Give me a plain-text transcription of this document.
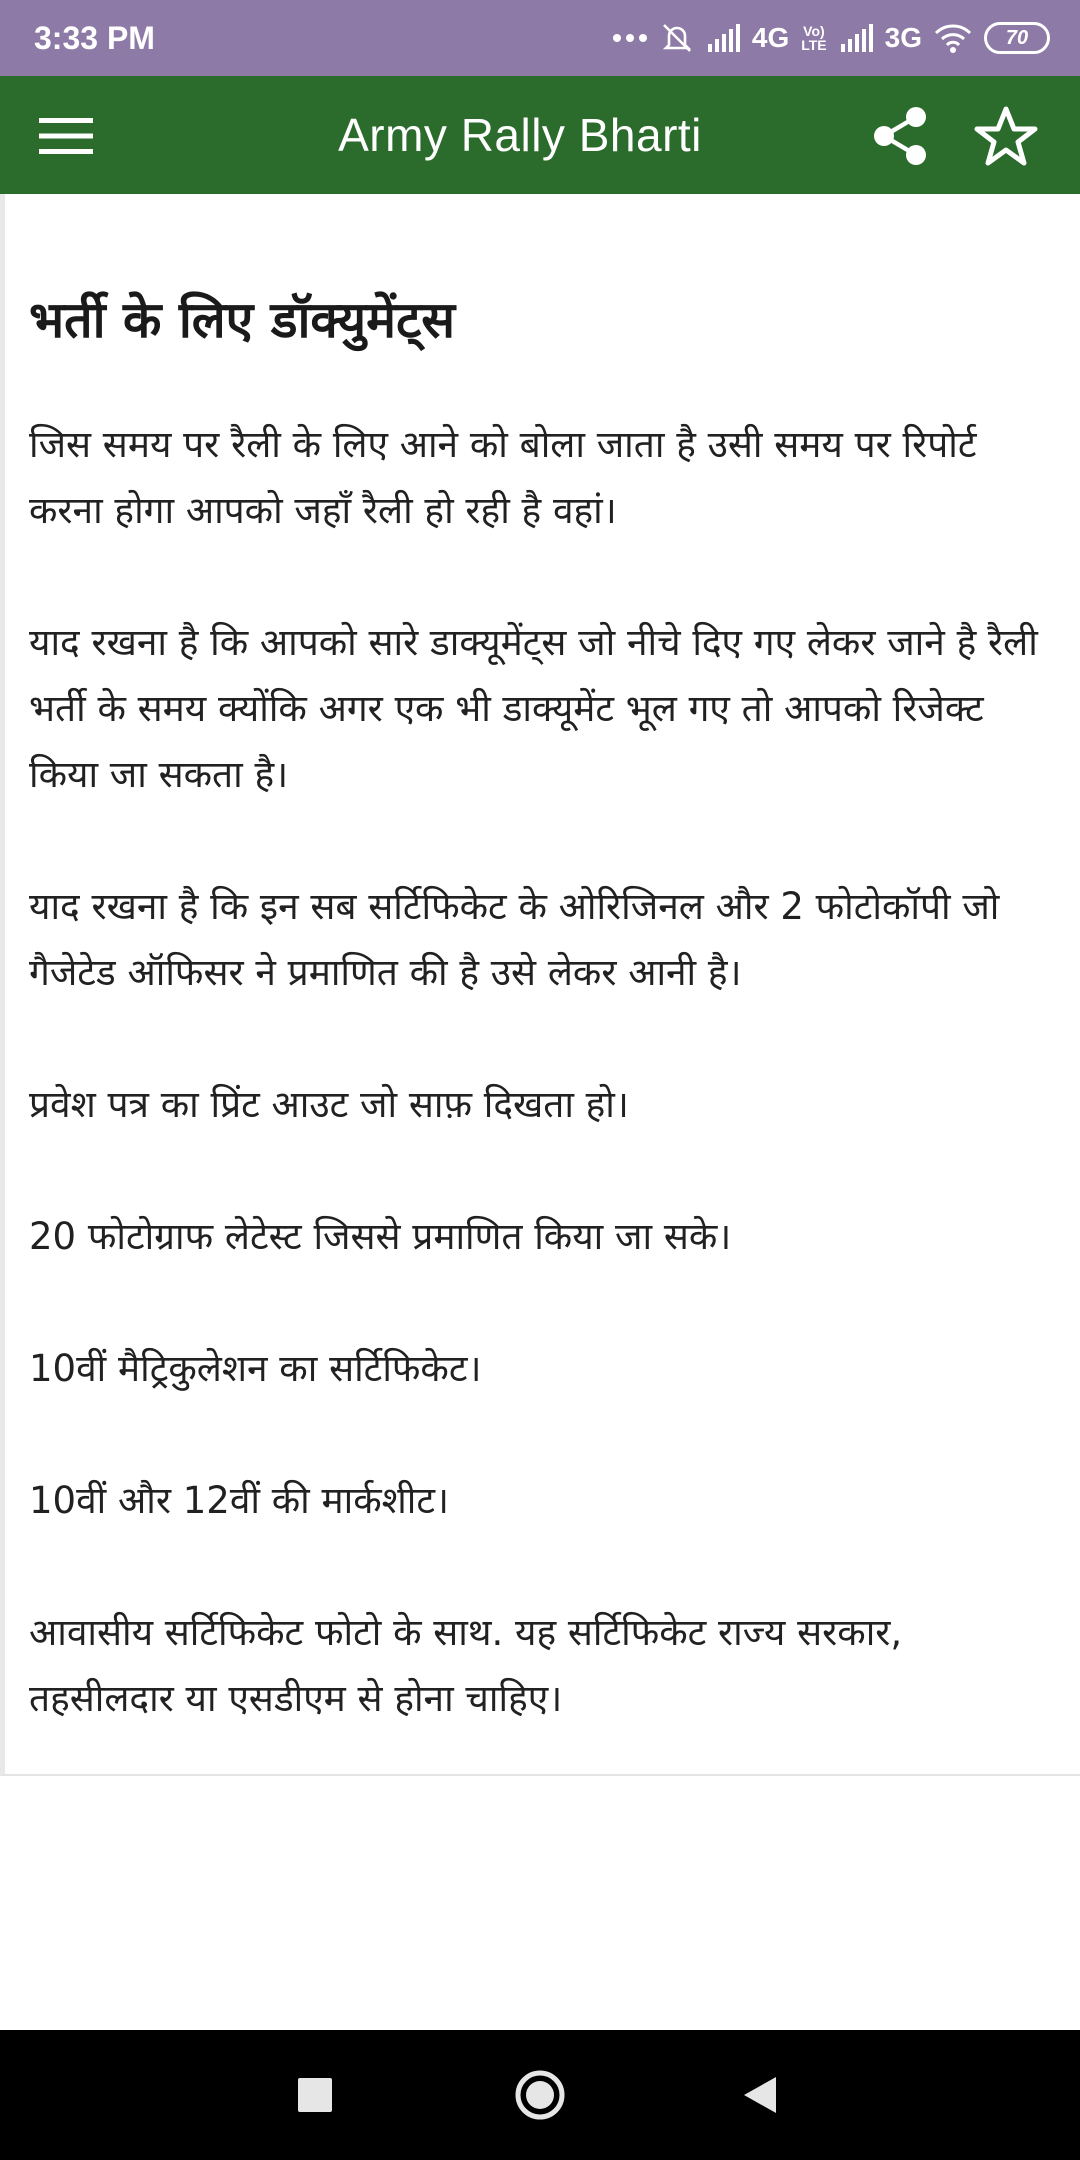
3:33 PM	4G Vo)
LTE 3G	70
Army Rally Bharti
भर्ती के लिए डॉक्युमेंट्स

जिस समय पर रैली के लिए आने को बोला जाता है उसी समय पर रिपोर्ट करना होगा आपको जहाँ रैली हो रही है वहां।

याद रखना है कि आपको सारे डाक्यूमेंट्स जो नीचे दिए गए लेकर जाने है रैली भर्ती के समय क्योंकि अगर एक भी डाक्यूमेंट भूल गए तो आपको रिजेक्ट किया जा सकता है।

याद रखना है कि इन सब सर्टिफिकेट के ओरिजिनल और 2 फोटोकॉपी जो गैजेटेड ऑफिसर ने प्रमाणित की है उसे लेकर आनी है।

प्रवेश पत्र का प्रिंट आउट जो साफ़ दिखता हो।

20 फोटोग्राफ लेटेस्ट जिससे प्रमाणित किया जा सके।

10वीं मैट्रिकुलेशन का सर्टिफिकेट।

10वीं और 12वीं की मार्कशीट।

आवासीय सर्टिफिकेट फोटो के साथ. यह सर्टिफिकेट राज्य सरकार, तहसीलदार या एसडीएम से होना चाहिए।
